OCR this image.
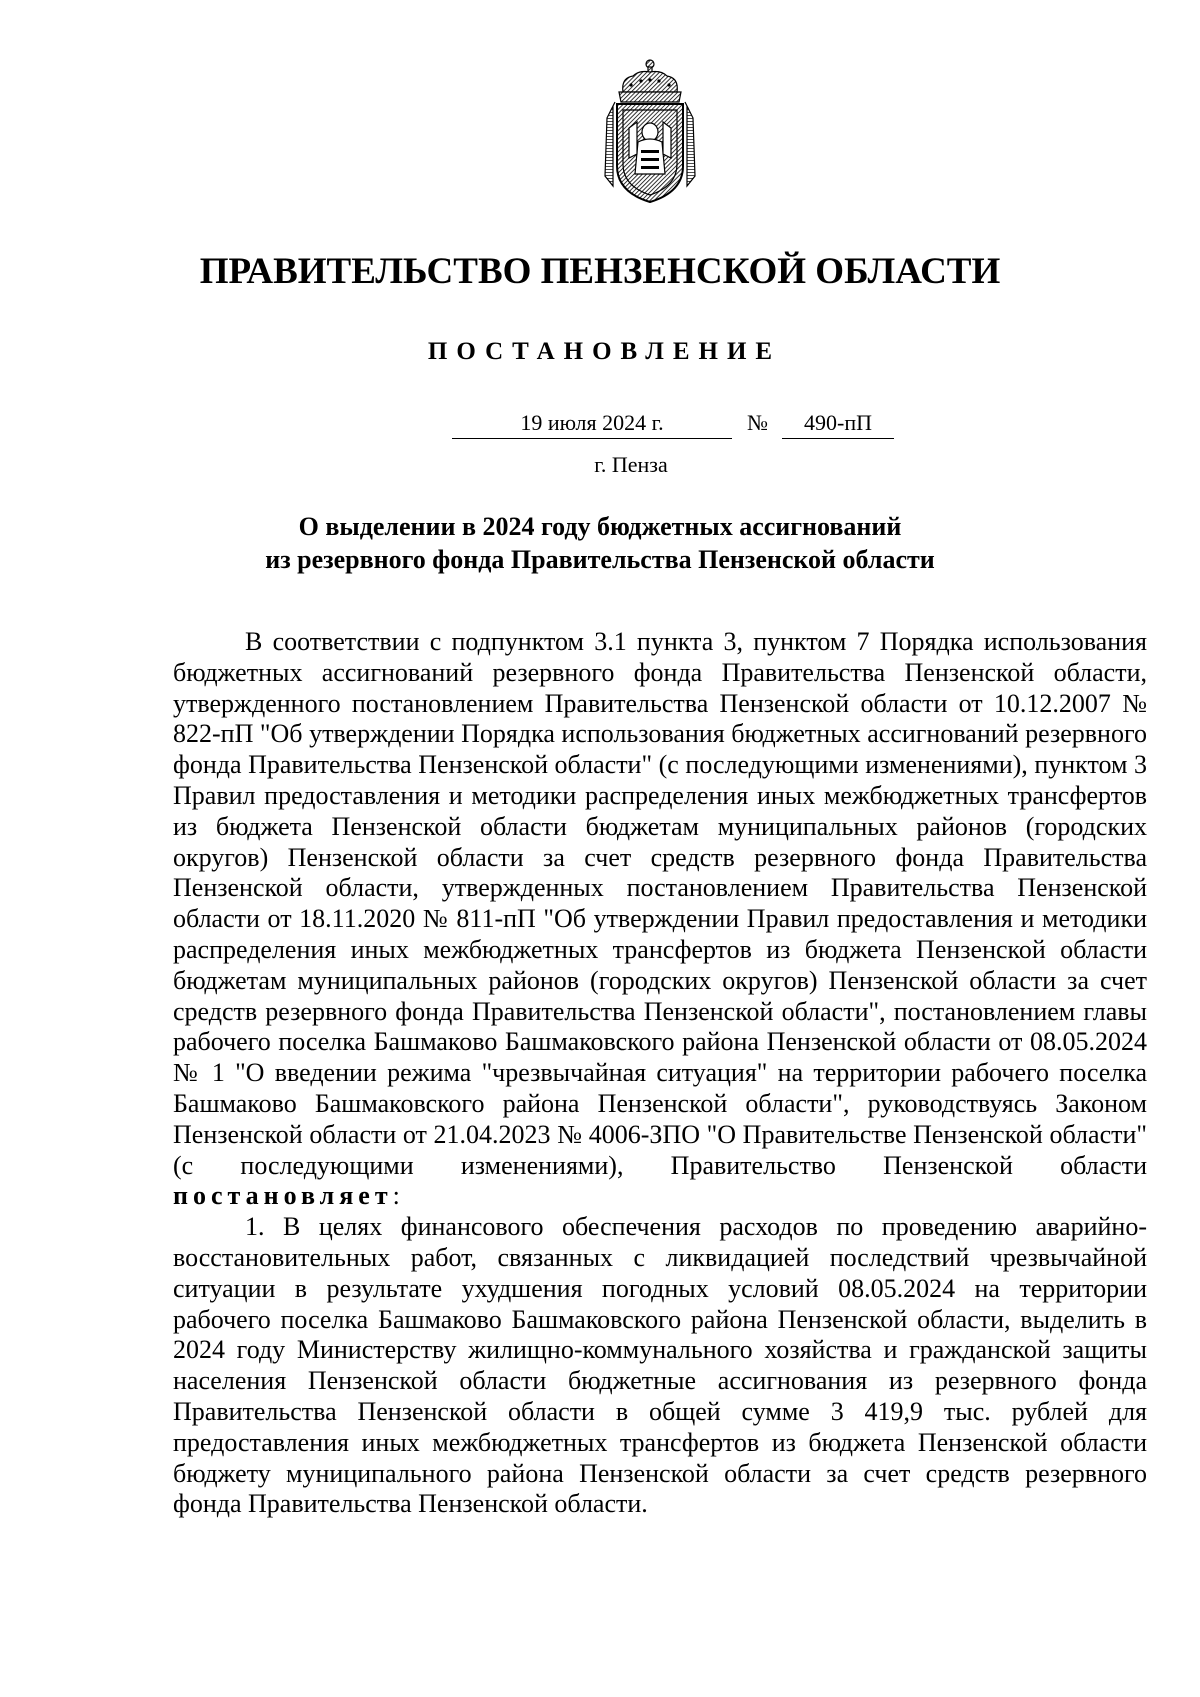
ПРАВИТЕЛЬСТВО ПЕНЗЕНСКОЙ ОБЛАСТИ
ПОСТАНОВЛЕНИЕ
19 июля 2024 г.	№	490-пП
г. Пенза
О выделении в 2024 году бюджетных ассигнований
из резервного фонда Правительства Пензенской области

В соответствии с подпунктом 3.1 пункта 3, пунктом 7 Порядка использования бюджетных ассигнований резервного фонда Правительства Пензенской области, утвержденного постановлением Правительства Пензенской области от 10.12.2007 № 822-пП "Об утверждении Порядка использования бюджетных ассигнований резервного фонда Правительства Пензенской области" (с последующими изменениями), пунктом 3 Правил предоставления и методики распределения иных межбюджетных трансфертов из бюджета Пензенской области бюджетам муниципальных районов (городских округов) Пензенской области за счет средств резервного фонда Правительства Пензенской области, утвержденных постановлением Правительства Пензенской области от 18.11.2020 № 811-пП "Об утверждении Правил предоставления и методики распределения иных межбюджетных трансфертов из бюджета Пензенской области бюджетам муниципальных районов (городских округов) Пензенской области за счет средств резервного фонда Правительства Пензенской области", постановлением главы рабочего поселка Башмаково Башмаковского района Пензенской области от 08.05.2024 № 1 "О введении режима "чрезвычайная ситуация" на территории рабочего поселка Башмаково Башмаковского района Пензенской области", руководствуясь Законом Пензенской области от 21.04.2023 № 4006-ЗПО "О Правительстве Пензенской области" (с последующими изменениями), Правительство Пензенской области постановляет:

1. В целях финансового обеспечения расходов по проведению аварийно-восстановительных работ, связанных с ликвидацией последствий чрезвычайной ситуации в результате ухудшения погодных условий 08.05.2024 на территории рабочего поселка Башмаково Башмаковского района Пензенской области, выделить в 2024 году Министерству жилищно-коммунального хозяйства и гражданской защиты населения Пензенской области бюджетные ассигнования из резервного фонда Правительства Пензенской области в общей сумме 3 419,9 тыс. рублей для предоставления иных межбюджетных трансфертов из бюджета Пензенской области бюджету муниципального района Пензенской области за счет средств резервного фонда Правительства Пензенской области.
